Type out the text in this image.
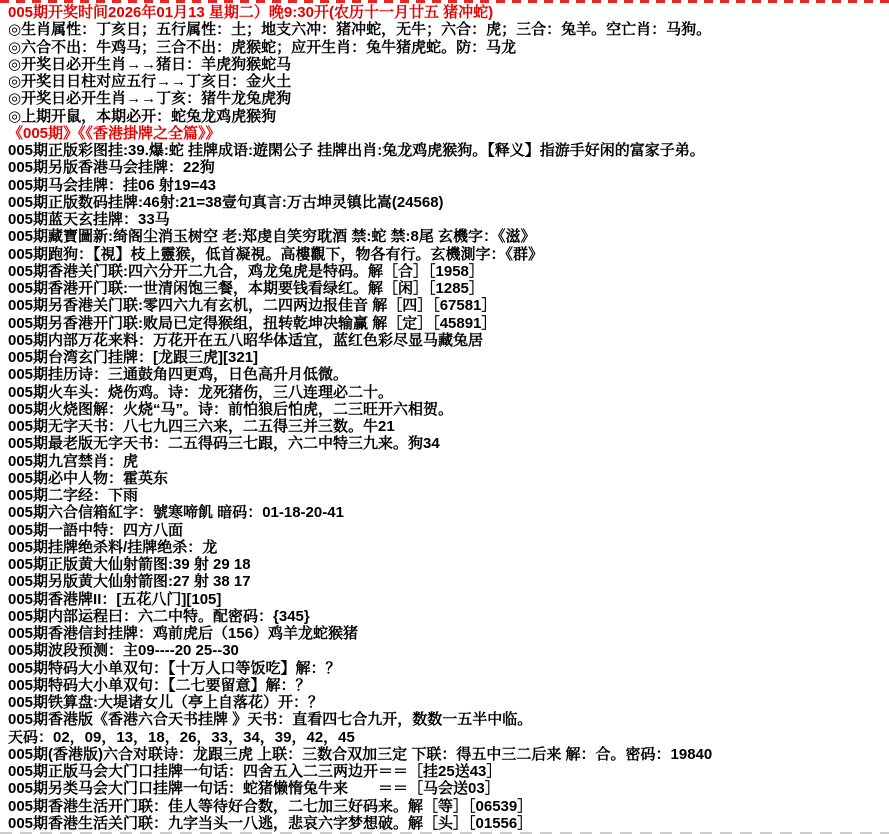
005期开奖时间2026年01月13 星期二）晚9:30开(农历十一月廿五 猪冲蛇)
◎生肖属性：丁亥日；五行属性：土；地支六冲：猪冲蛇，无牛；六合：虎；三合：兔羊。空亡肖：马狗。
◎六合不出：牛鸡马；三合不出：虎猴蛇；应开生肖：兔牛猪虎蛇。防：马龙
◎开奖日必开生肖→→猪日：羊虎狗猴蛇马
◎开奖日日柱对应五行→→丁亥日：金火土
◎开奖日必开生肖→→丁亥：猪牛龙兔虎狗
◎上期开鼠，本期必开：蛇兔龙鸡虎猴狗
《005期》《《香港掛牌之全篇》》
005期正版彩图挂:39.爆:蛇 挂牌成语:遊閑公子 挂牌出肖:兔龙鸡虎猴狗。【释义】指游手好闲的富家子弟。
005期另版香港马会挂牌：22狗
005期马会挂牌：挂06 射19=43
005期正版数码挂牌:46射:21=38壹句真言:万古坤灵镇比嵩(24568)
005期蓝天玄挂牌：33马
005期藏寶圖新:绮阁尘消玉树空 老:郑虔自笑穷耽酒 禁:蛇 禁:8尾 玄機字：《滋》
005期跑狗：【視】枝上靈猴，低首凝視。高樓觀下，物各有行。玄機測字：《群》
005期香港关门联:四六分开二九合，鸡龙兔虎是特码。解［合］［1958］
005期香港开门联:一世清闲饱三餐，本期要钱看绿红。解［闲］［1285］
005期另香港关门联:零四六九有玄机，二四两边报佳音 解［四］［67581］
005期另香港开门联:败局已定得猴组，扭转乾坤决输赢 解［定］［45891］
005期内部万花来料：万花开在五八昭华体适宜，蓝红色彩尽显马藏兔居
005期台湾玄门挂牌：[龙跟三虎][321]
005期挂历诗：三通鼓角四更鸡，日色高升月低微。
005期火车头：烧伤鸡。诗：龙死猪伤，三八连理必二十。
005期火烧图解：火烧“马”。诗：前怕狼后怕虎，二三旺开六相贺。
005期无字天书：八七九四三六来，二五得三并三数。牛21
005期最老版无字天书：二五得码三七跟，六二中特三九来。狗34
005期九宫禁肖：虎
005期必中人物：霍英东
005期二字经：下雨
005期六合信箱紅字：號寒啼飢 暗码：01-18-20-41
005期一語中特：四方八面
005期挂牌绝杀料/挂牌绝杀：龙
005期正版黄大仙射箭图:39 射 29 18
005期另版黄大仙射箭图:27 射 38 17
005期香港牌II：[五花八门][105]
005期内部运程曰：六二中特。配密码：{345}
005期香港信封挂牌：鸡前虎后（156）鸡羊龙蛇猴猪
005期波段预测：主09----20 25--30
005期特码大小单双句：【十万人口等饭吃】解：？
005期特码大小单双句：【二七要留意】解：？
005期铁算盘:大堤诸女儿（亭上自落花）开：？
005期香港版《香港六合天书挂牌 》天书：直看四七合九开，数数一五半中临。
天码：02，09，13，18，26，33，34，39，42，45
005期(香港版)六合对联诗：龙跟三虎 上联：三数合双加三定 下联：得五中三二后来 解：合。密码：19840
005期正版马会大门口挂牌一句话：四舍五入二三两边开＝＝［挂25送43］
005期另类马会大门口挂牌一句话：蛇猪懒惰兔牛来　　＝＝［马会送03］
005期香港生活开门联：佳人等待好合数，二七加三好码来。解［等］［06539］
005期香港生活关门联：九字当头一八逃，悲哀六字梦想破。解［头］［01556］
